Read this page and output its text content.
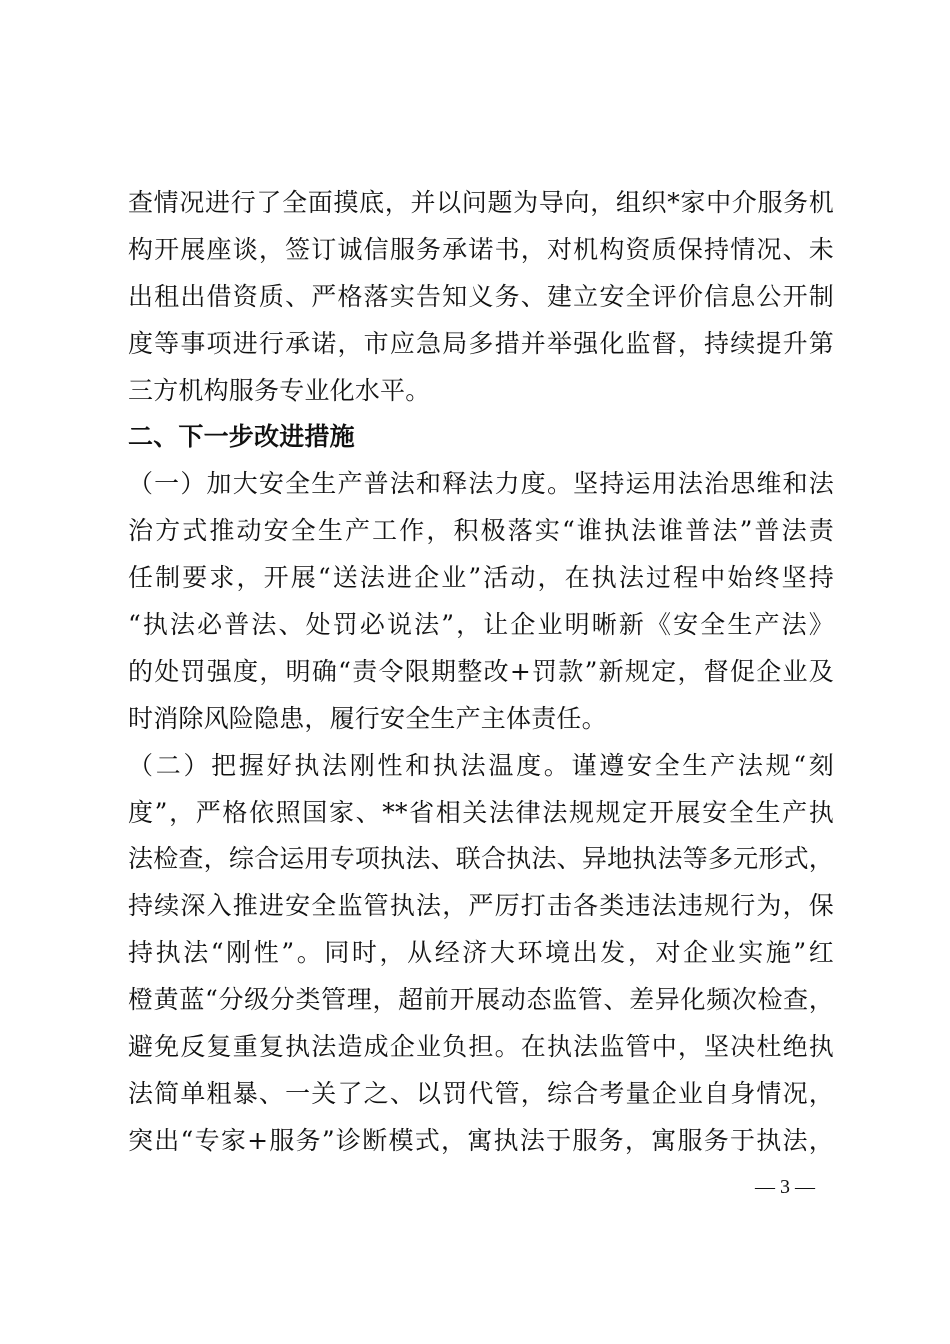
查情况进行了全面摸底，并以问题为导向，组织*家中介服务机
构开展座谈，签订诚信服务承诺书，对机构资质保持情况、未
出租出借资质、严格落实告知义务、建立安全评价信息公开制
度等事项进行承诺，市应急局多措并举强化监督，持续提升第
三方机构服务专业化水平。
二、下一步改进措施
（一）加大安全生产普法和释法力度。坚持运用法治思维和法
治方式推动安全生产工作，积极落实“谁执法谁普法”普法责
任制要求，开展“送法进企业”活动，在执法过程中始终坚持
“执法必普法、处罚必说法”，让企业明晰新《安全生产法》
的处罚强度，明确“责令限期整改+罚款”新规定，督促企业及
时消除风险隐患，履行安全生产主体责任。
（二）把握好执法刚性和执法温度。谨遵安全生产法规“刻
度”，严格依照国家、**省相关法律法规规定开展安全生产执
法检查，综合运用专项执法、联合执法、异地执法等多元形式，
持续深入推进安全监管执法，严厉打击各类违法违规行为，保
持执法“刚性”。同时，从经济大环境出发，对企业实施”红
橙黄蓝“分级分类管理，超前开展动态监管、差异化频次检查，
避免反复重复执法造成企业负担。在执法监管中，坚决杜绝执
法简单粗暴、一关了之、以罚代管，综合考量企业自身情况，
突出“专家+服务”诊断模式，寓执法于服务，寓服务于执法，
— 3 —
